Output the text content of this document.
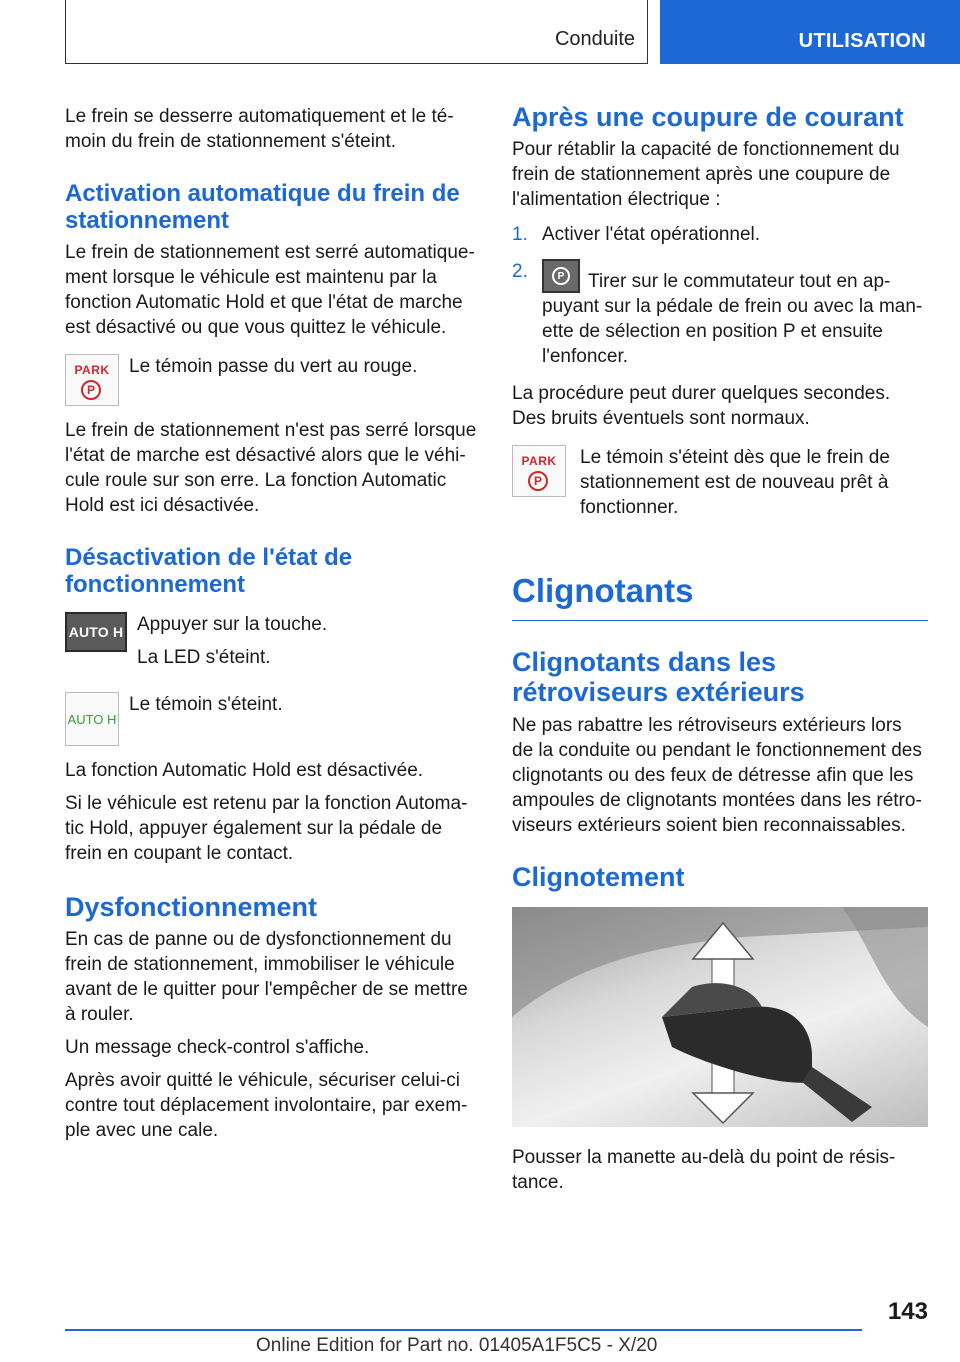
Conduite	UTILISATION

Le frein se desserre automatiquement et le té-moin du frein de stationnement s'éteint.

Activation automatique du frein de stationnement

Le frein de stationnement est serré automatique-ment lorsque le véhicule est maintenu par la fonction Automatic Hold et que l'état de marche est désactivé ou que vous quittez le véhicule.

PARK
P

Le témoin passe du vert au rouge.

Le frein de stationnement n'est pas serré lorsque l'état de marche est désactivé alors que le véhi-cule roule sur son erre. La fonction Automatic Hold est ici désactivée.

Désactivation de l'état de fonctionnement
AUTO H Appuyer sur la touche.

La LED s'éteint.

AUTO H

Le témoin s'éteint.

La fonction Automatic Hold est désactivée.

Si le véhicule est retenu par la fonction Automa-tic Hold, appuyer également sur la pédale de frein en coupant le contact.

Dysfonctionnement

En cas de panne ou de dysfonctionnement du frein de stationnement, immobiliser le véhicule avant de le quitter pour l'empêcher de se mettre à rouler.

Un message check-control s'affiche.

Après avoir quitté le véhicule, sécuriser celui-ci contre tout déplacement involontaire, par exem-ple avec une cale.

Après une coupure de courant

Pour rétablir la capacité de fonctionnement du frein de stationnement après une coupure de l'alimentation électrique :

1. Activer l'état opérationnel.
2.	P Tirer sur le commutateur tout en ap-puyant sur la pédale de frein ou avec la man-ette de sélection en position P et ensuite l'enfoncer.

La procédure peut durer quelques secondes. Des bruits éventuels sont normaux.

PARK
P

Le témoin s'éteint dès que le frein de stationnement est de nouveau prêt à fonctionner.

Clignotants
Clignotants dans les rétroviseurs extérieurs

Ne pas rabattre les rétroviseurs extérieurs lors de la conduite ou pendant le fonctionnement des clignotants ou des feux de détresse afin que les ampoules de clignotants montées dans les rétro-viseurs extérieurs soient bien reconnaissables.

Clignotement

Pousser la manette au-delà du point de résis-tance.

143
Online Edition for Part no. 01405A1F5C5 - X/20
